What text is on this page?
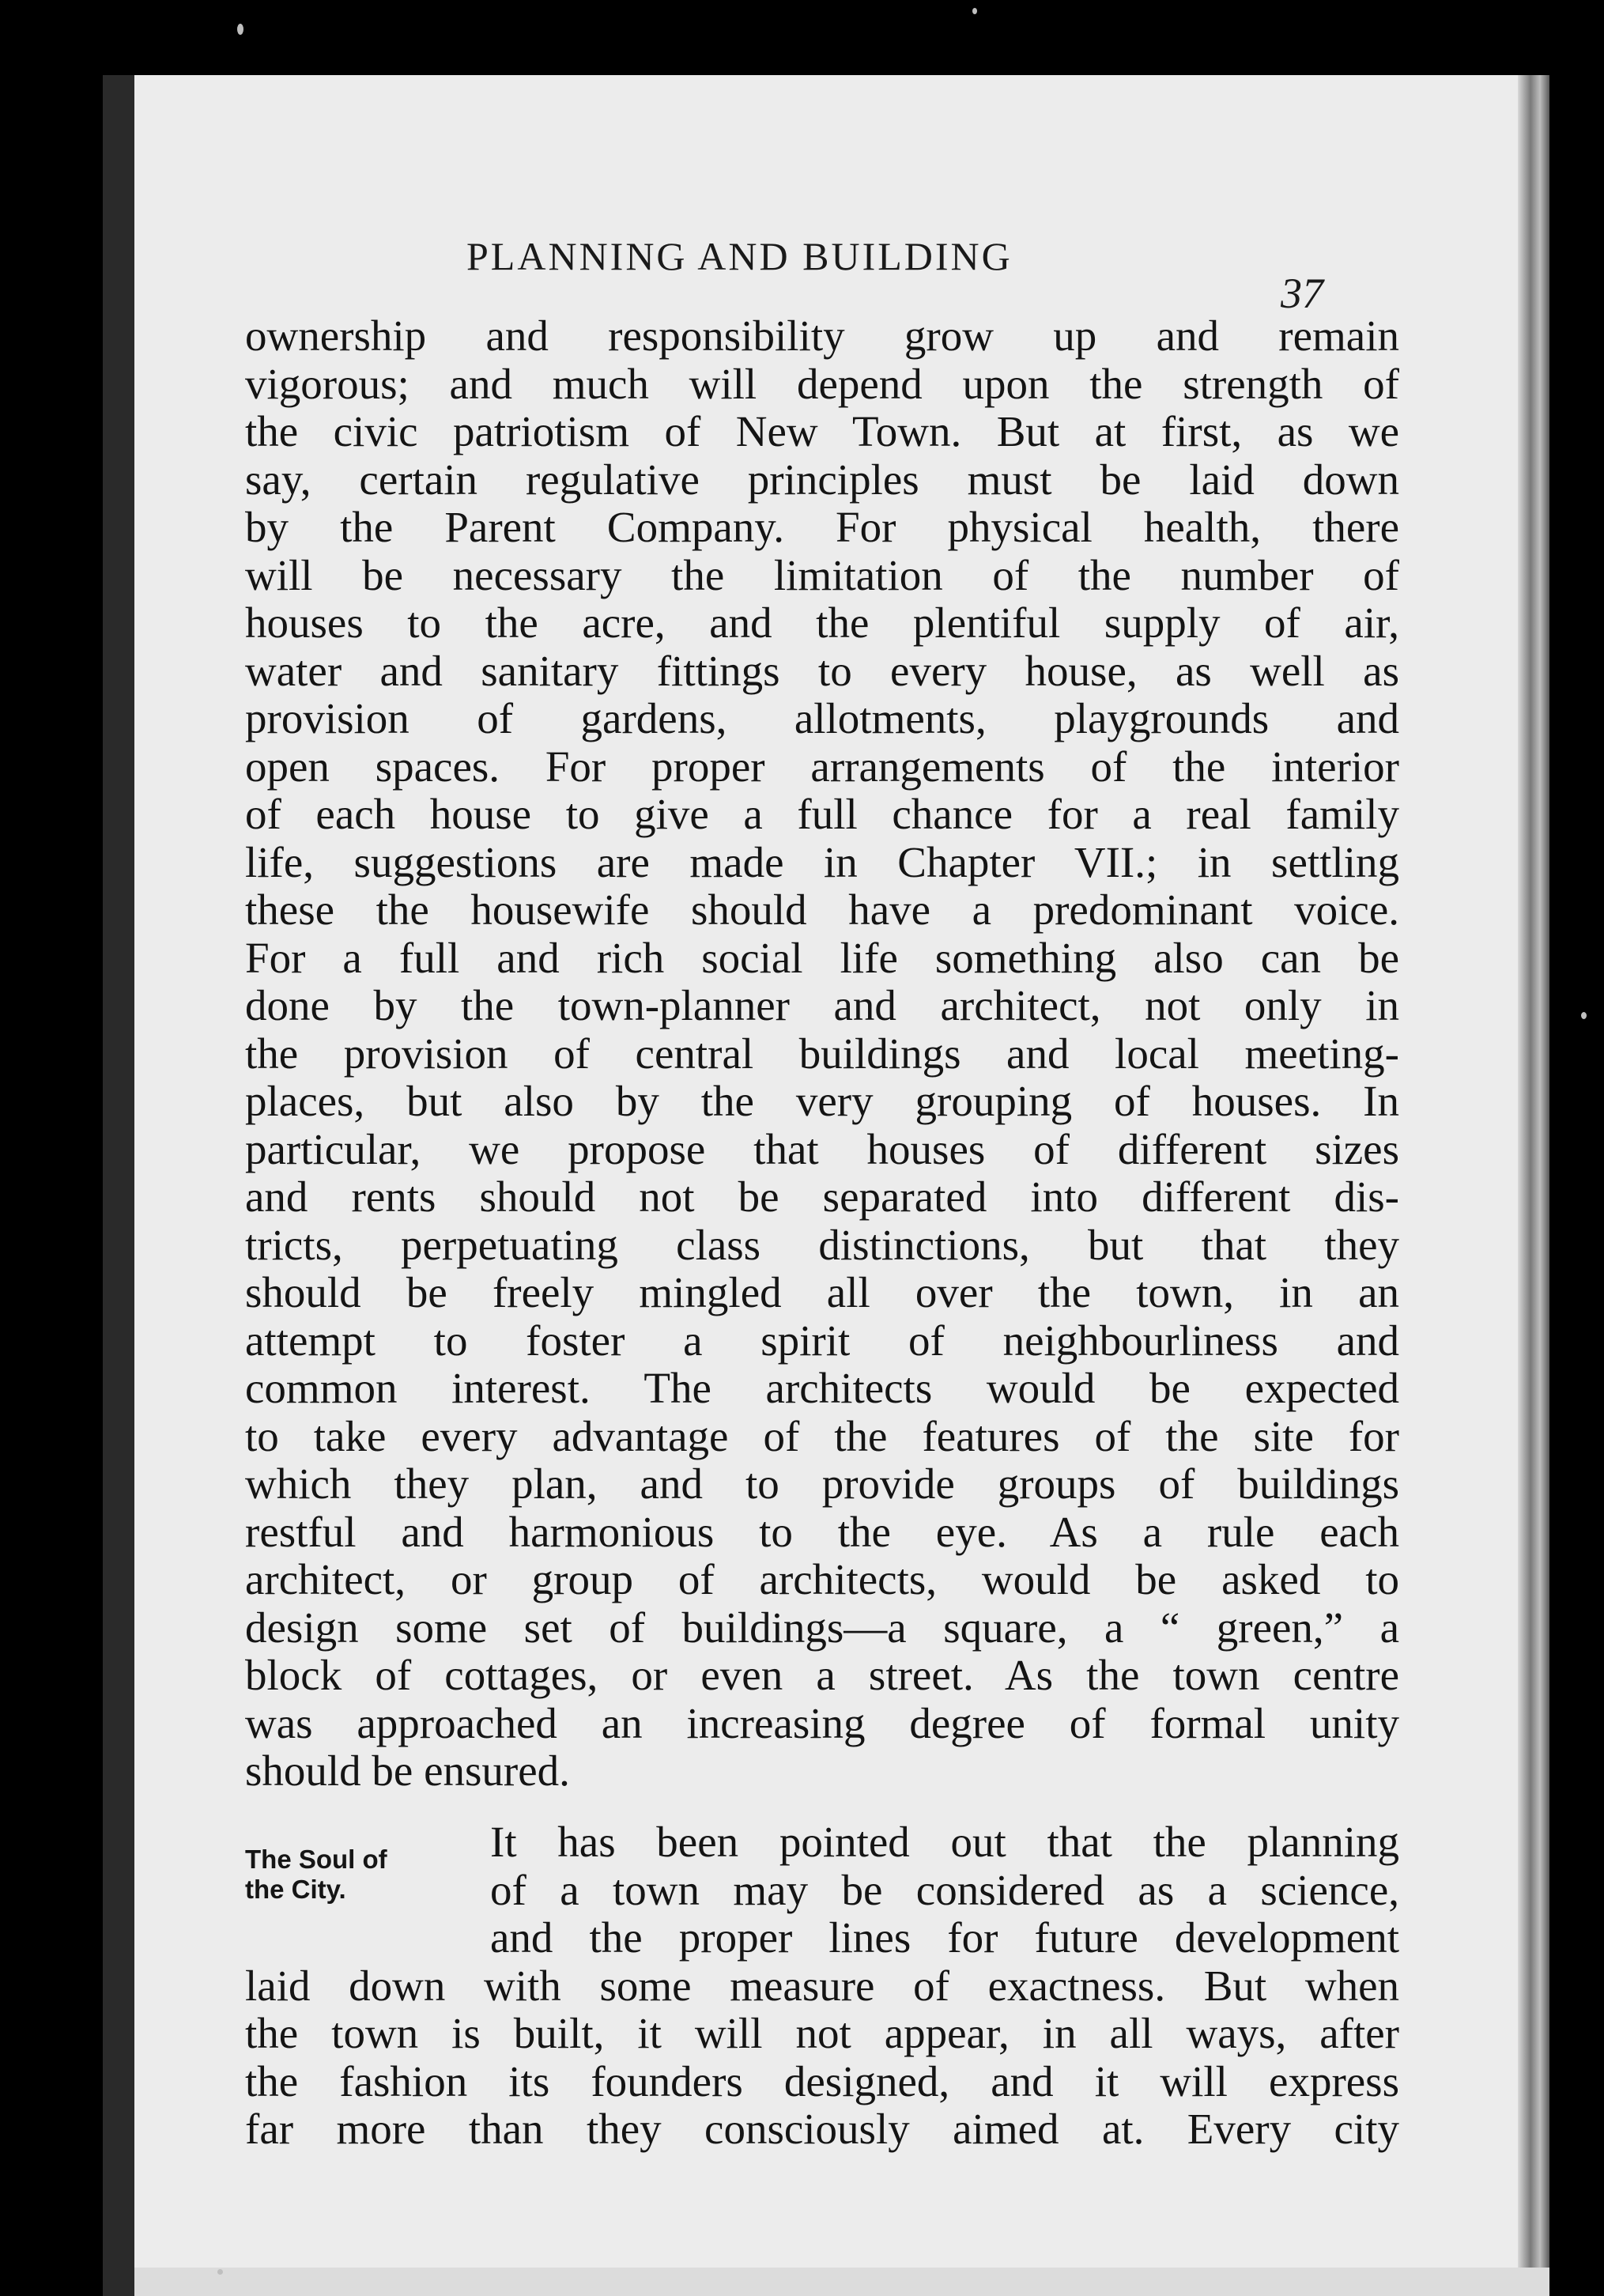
PLANNING AND BUILDING
37
ownership and responsibility grow up and remain
vigorous; and much will depend upon the strength of
the civic patriotism of New Town. But at first, as we
say, certain regulative principles must be laid down
by the Parent Company. For physical health, there
will be necessary the limitation of the number of
houses to the acre, and the plentiful supply of air,
water and sanitary fittings to every house, as well as
provision of gardens, allotments, playgrounds and
open spaces. For proper arrangements of the interior
of each house to give a full chance for a real family
life, suggestions are made in Chapter VII.; in settling
these the housewife should have a predominant voice.
For a full and rich social life something also can be
done by the town-planner and architect, not only in
the provision of central buildings and local meeting-
places, but also by the very grouping of houses. In
particular, we propose that houses of different sizes
and rents should not be separated into different dis-
tricts, perpetuating class distinctions, but that they
should be freely mingled all over the town, in an
attempt to foster a spirit of neighbourliness and
common interest. The architects would be expected
to take every advantage of the features of the site for
which they plan, and to provide groups of buildings
restful and harmonious to the eye. As a rule each
architect, or group of architects, would be asked to
design some set of buildings—a square, a “ green,” a
block of cottages, or even a street. As the town centre
was approached an increasing degree of formal unity
should be ensured.
The Soul of
the City.
It has been pointed out that the planning
of a town may be considered as a science,
and the proper lines for future development
laid down with some measure of exactness. But when
the town is built, it will not appear, in all ways, after
the fashion its founders designed, and it will express
far more than they consciously aimed at. Every city
